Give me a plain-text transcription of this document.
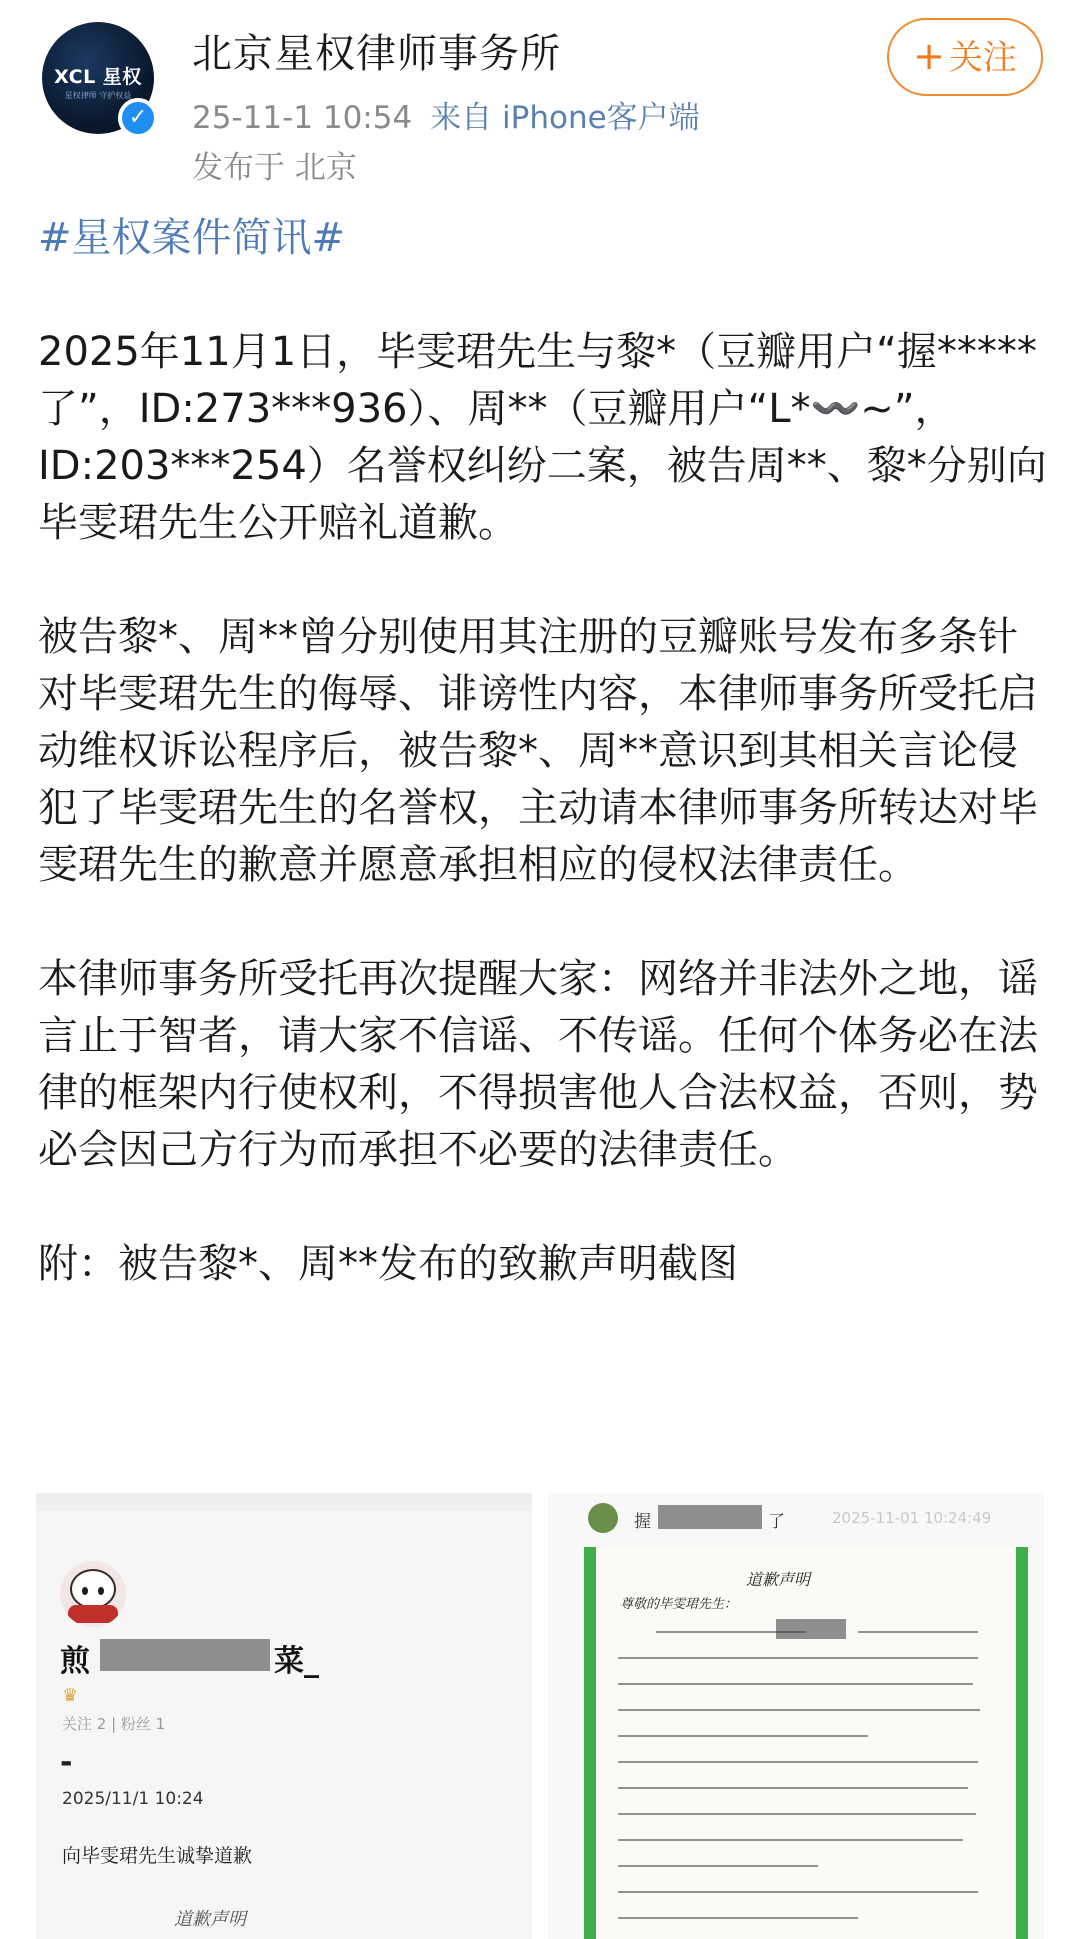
XCL 星权
星权律师 守护权益
✓
北京星权律师事务所
25-11-1 10:54 来自 iPhone客户端
发布于 北京
+ 关注
#星权案件简讯#

2025年11月1日，毕雯珺先生与黎*（豆瓣用户“握*****了”，ID:273***936）、周**（豆瓣用户“L*〰️~”，ID:203***254）名誉权纠纷二案，被告周**、黎*分别向毕雯珺先生公开赔礼道歉。

被告黎*、周**曾分别使用其注册的豆瓣账号发布多条针对毕雯珺先生的侮辱、诽谤性内容，本律师事务所受托启动维权诉讼程序后，被告黎*、周**意识到其相关言论侵犯了毕雯珺先生的名誉权，主动请本律师事务所转达对毕雯珺先生的歉意并愿意承担相应的侵权法律责任。

本律师事务所受托再次提醒大家：网络并非法外之地，谣言止于智者，请大家不信谣、不传谣。任何个体务必在法律的框架内行使权利，不得损害他人合法权益，否则，势必会因己方行为而承担不必要的法律责任。

附：被告黎*、周**发布的致歉声明截图

煎	菜_
♛
关注 2 | 粉丝 1
-
2025/11/1 10:24
向毕雯珺先生诚挚道歉
道歉声明
握	了	2025-11-01 10:24:49
道歉声明
尊敬的毕雯珺先生：
